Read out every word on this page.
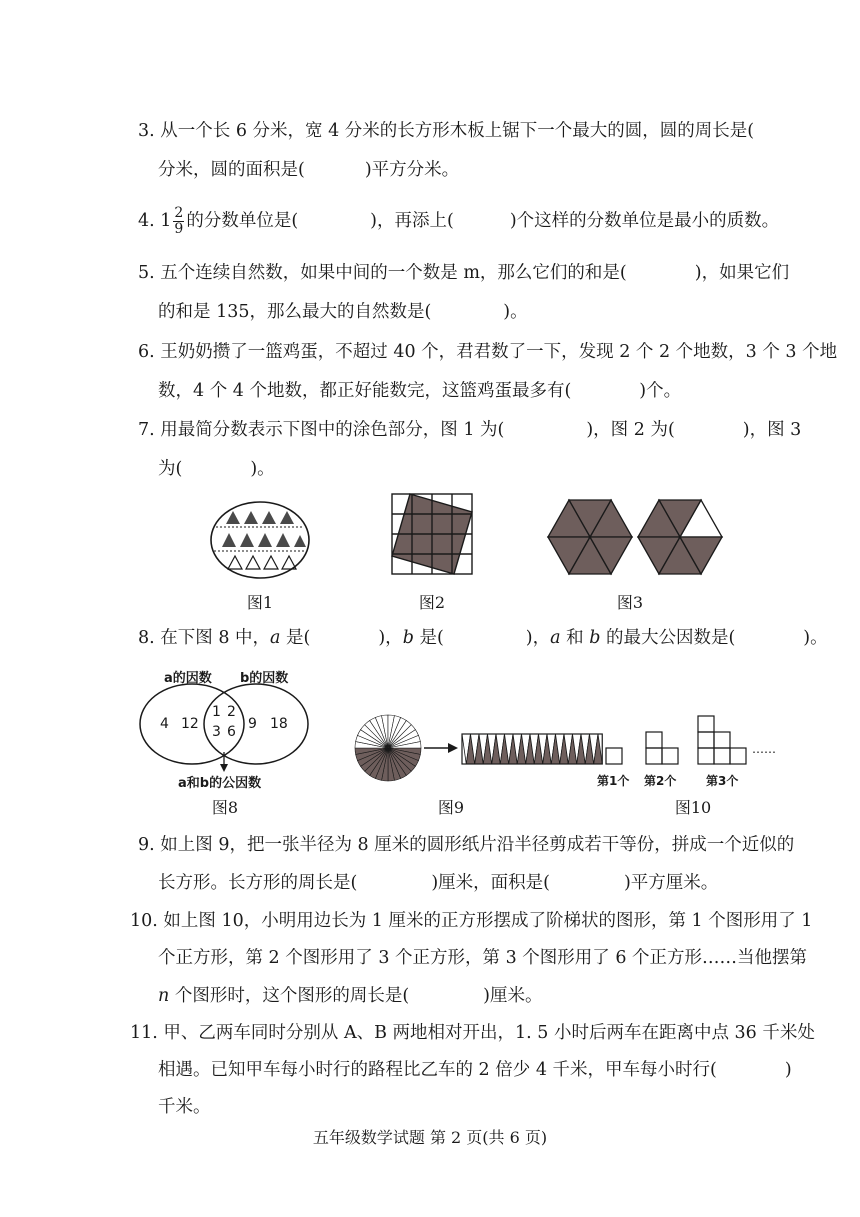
3. 从一个长 6 分米，宽 4 分米的长方形木板上锯下一个最大的圆，圆的周长是(
分米，圆的面积是(	)平方分米。
4. $1 \frac{2}{9}$ 的分数单位是(	)，再添上(	)个这样的分数单位是最小的质数。
5. 五个连续自然数，如果中间的一个数是 m，那么它们的和是(	)，如果它们
的和是 135，那么最大的自然数是(	)。
6. 王奶奶攒了一篮鸡蛋，不超过 40 个，君君数了一下，发现 2 个 2 个地数，3 个 3 个地
数，4 个 4 个地数，都正好能数完，这篮鸡蛋最多有(	)个。
7. 用最简分数表示下图中的涂色部分，图 1 为(	)，图 2 为(	)，图 3
为(	)。
图1	图2	图3
8. 在下图 8 中，a 是(	)，b 是(	)，a 和 b 的最大公因数是(	)。
a的因数 b的因数
4 12
1 2
3 6 9 18
a和b的公因数
图8	图9
第1个 第2个 第3个
……
图10
9. 如上图 9，把一张半径为 8 厘米的圆形纸片沿半径剪成若干等份，拼成一个近似的
长方形。长方形的周长是(	)厘米，面积是(	)平方厘米。
10. 如上图 10，小明用边长为 1 厘米的正方形摆成了阶梯状的图形，第 1 个图形用了 1
个正方形，第 2 个图形用了 3 个正方形，第 3 个图形用了 6 个正方形……当他摆第
n 个图形时，这个图形的周长是(	)厘米。
11. 甲、乙两车同时分别从 A、B 两地相对开出，1. 5 小时后两车在距离中点 36 千米处
相遇。已知甲车每小时行的路程比乙车的 2 倍少 4 千米，甲车每小时行(	)
千米。
五年级数学试题 第 2 页(共 6 页)
